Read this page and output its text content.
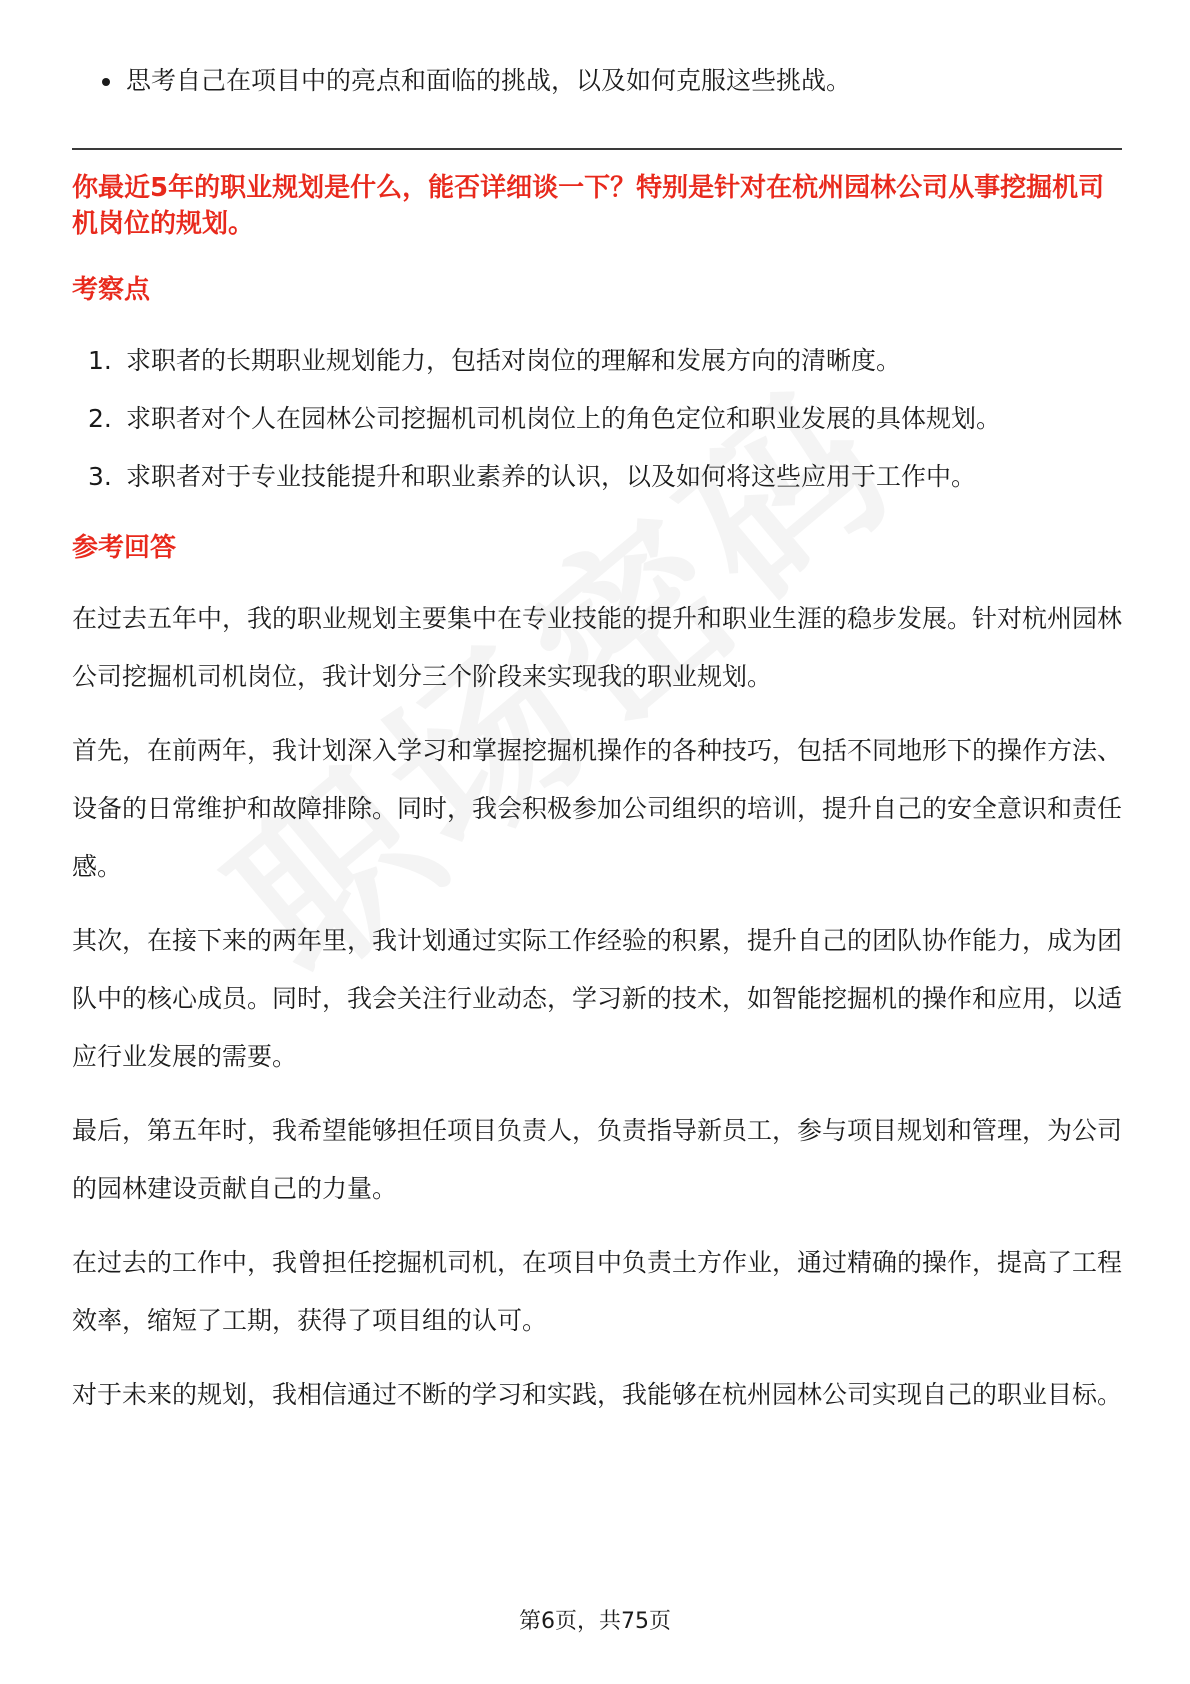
思考自己在项目中的亮点和面临的挑战，以及如何克服这些挑战。
你最近5年的职业规划是什么，能否详细谈一下？特别是针对在杭州园林公司从事挖掘机司机岗位的规划。
考察点
1. 求职者的长期职业规划能力，包括对岗位的理解和发展方向的清晰度。
2. 求职者对个人在园林公司挖掘机司机岗位上的角色定位和职业发展的具体规划。
3. 求职者对于专业技能提升和职业素养的认识，以及如何将这些应用于工作中。
参考回答

在过去五年中，我的职业规划主要集中在专业技能的提升和职业生涯的稳步发展。针对杭州园林公司挖掘机司机岗位，我计划分三个阶段来实现我的职业规划。

首先，在前两年，我计划深入学习和掌握挖掘机操作的各种技巧，包括不同地形下的操作方法、设备的日常维护和故障排除。同时，我会积极参加公司组织的培训，提升自己的安全意识和责任感。

其次，在接下来的两年里，我计划通过实际工作经验的积累，提升自己的团队协作能力，成为团队中的核心成员。同时，我会关注行业动态，学习新的技术，如智能挖掘机的操作和应用，以适应行业发展的需要。

最后，第五年时，我希望能够担任项目负责人，负责指导新员工，参与项目规划和管理，为公司的园林建设贡献自己的力量。

在过去的工作中，我曾担任挖掘机司机，在项目中负责土方作业，通过精确的操作，提高了工程效率，缩短了工期，获得了项目组的认可。

对于未来的规划，我相信通过不断的学习和实践，我能够在杭州园林公司实现自己的职业目标。

第6页，共75页
